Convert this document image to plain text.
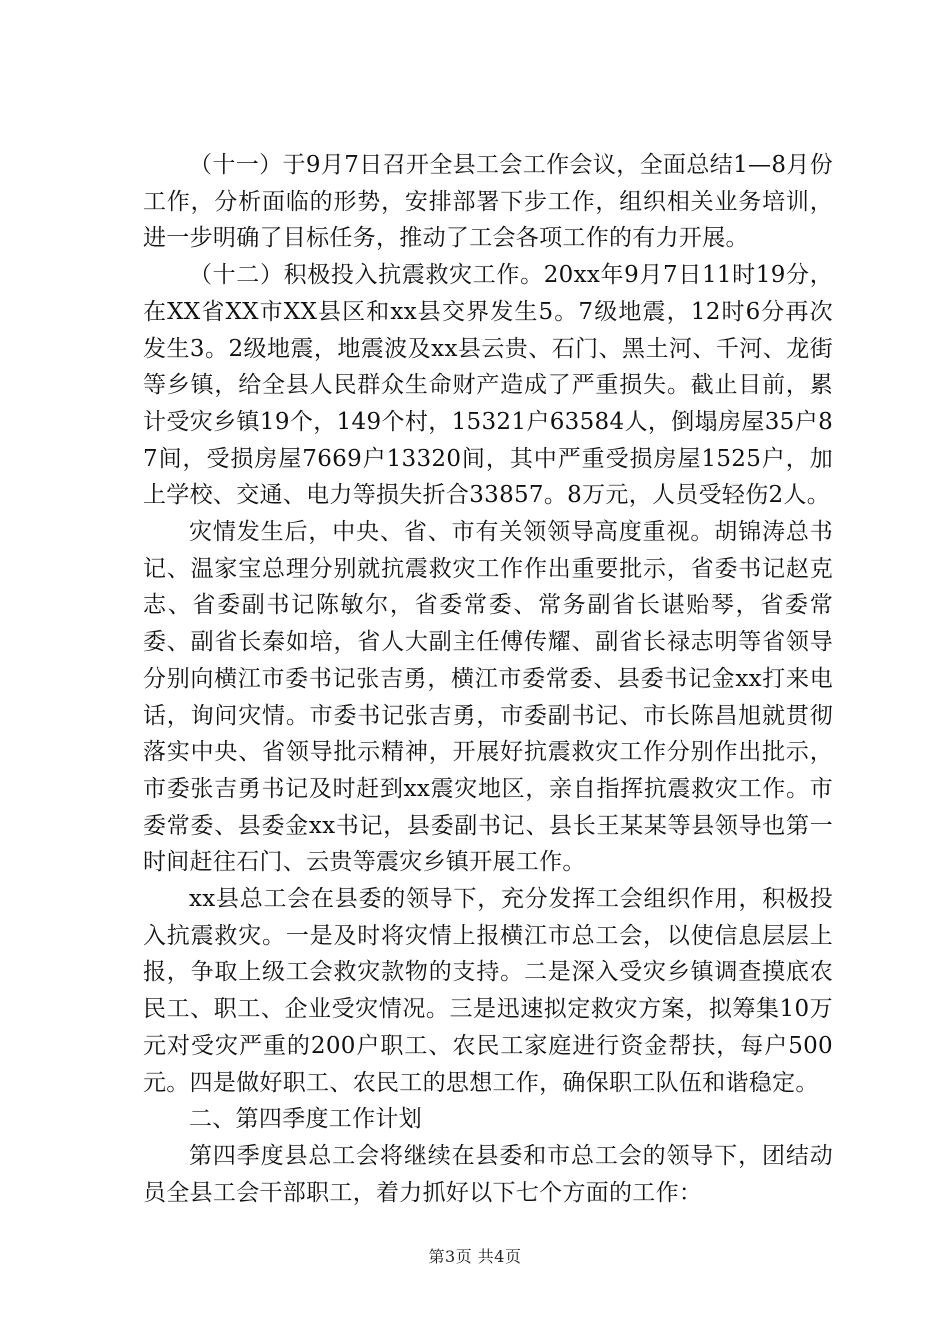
（十一）于9月7日召开全县工会工作会议，全面总结1—8月份工作，分析面临的形势，安排部署下步工作，组织相关业务培训，进一步明确了目标任务，推动了工会各项工作的有力开展。

（十二）积极投入抗震救灾工作。20xx年9月7日11时19分，在XX省XX市XX县区和xx县交界发生5。7级地震，12时6分再次发生3。2级地震，地震波及xx县云贵、石门、黑土河、千河、龙街等乡镇，给全县人民群众生命财产造成了严重损失。截止目前，累计受灾乡镇19个，149个村，15321户63584人，倒塌房屋35户87间，受损房屋7669户13320间，其中严重受损房屋1525户，加上学校、交通、电力等损失折合33857。8万元，人员受轻伤2人。

灾情发生后，中央、省、市有关领领导高度重视。胡锦涛总书记、温家宝总理分别就抗震救灾工作作出重要批示，省委书记赵克志、省委副书记陈敏尔，省委常委、常务副省长谌贻琴，省委常委、副省长秦如培，省人大副主任傅传耀、副省长禄志明等省领导分别向横江市委书记张吉勇，横江市委常委、县委书记金xx打来电话，询问灾情。市委书记张吉勇，市委副书记、市长陈昌旭就贯彻落实中央、省领导批示精神，开展好抗震救灾工作分别作出批示，市委张吉勇书记及时赶到xx震灾地区，亲自指挥抗震救灾工作。市委常委、县委金xx书记，县委副书记、县长王某某等县领导也第一时间赶往石门、云贵等震灾乡镇开展工作。

xx县总工会在县委的领导下，充分发挥工会组织作用，积极投入抗震救灾。一是及时将灾情上报横江市总工会，以使信息层层上报，争取上级工会救灾款物的支持。二是深入受灾乡镇调查摸底农民工、职工、企业受灾情况。三是迅速拟定救灾方案，拟筹集10万元对受灾严重的200户职工、农民工家庭进行资金帮扶，每户500元。四是做好职工、农民工的思想工作，确保职工队伍和谐稳定。

二、第四季度工作计划

第四季度县总工会将继续在县委和市总工会的领导下，团结动员全县工会干部职工，着力抓好以下七个方面的工作：

第3页 共4页
